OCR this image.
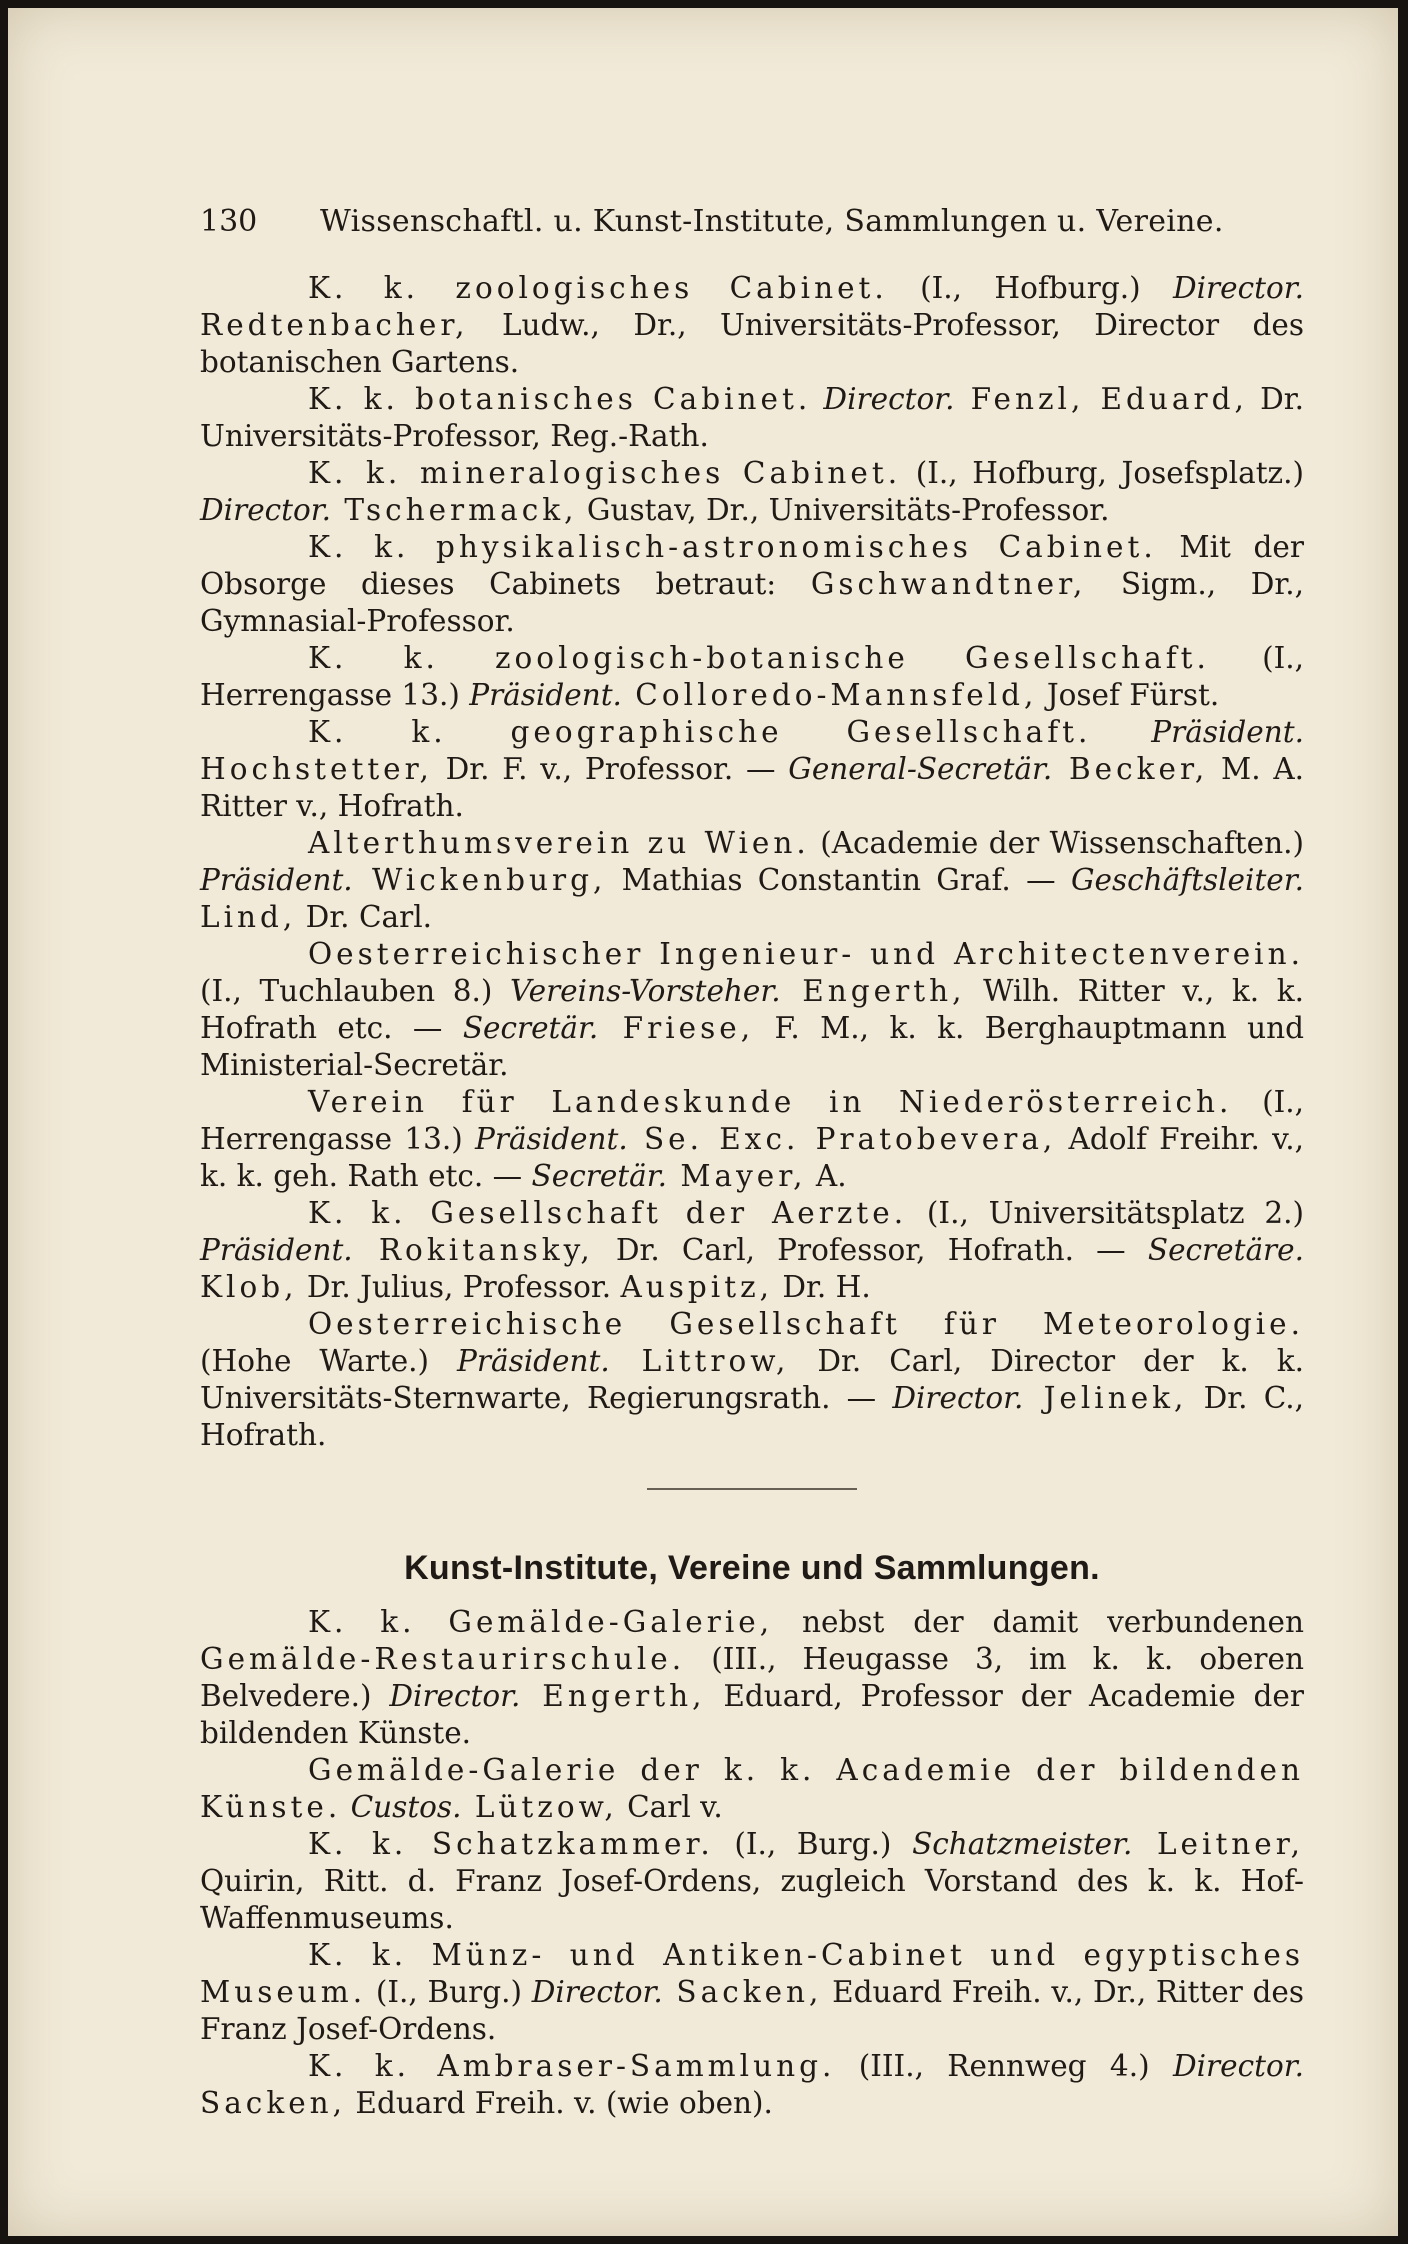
130	Wissenschaftl. u. Kunst-Institute, Sammlungen u. Vereine.

K. k. zoologisches Cabinet. (I., Hofburg.) Director. Redtenbacher, Ludw., Dr., Universitäts-Professor, Director des botanischen Gartens.

K. k. botanisches Cabinet. Director. Fenzl, Eduard, Dr. Universitäts-Professor, Reg.-Rath.

K. k. mineralogisches Cabinet. (I., Hofburg, Josefsplatz.) Director. Tschermack, Gustav, Dr., Universitäts-Professor.

K. k. physikalisch-astronomisches Cabinet. Mit der Obsorge dieses Cabinets betraut: Gschwandtner, Sigm., Dr., Gymnasial-Professor.

K. k. zoologisch-botanische Gesellschaft. (I., Herrengasse 13.) Präsident. Colloredo-Mannsfeld, Josef Fürst.

K. k. geographische Gesellschaft. Präsident. Hochstetter, Dr. F. v., Professor. — General-Secretär. Becker, M. A. Ritter v., Hofrath.

Alterthumsverein zu Wien. (Academie der Wissenschaften.) Präsident. Wickenburg, Mathias Constantin Graf. — Geschäftsleiter. Lind, Dr. Carl.

Oesterreichischer Ingenieur- und Architectenverein. (I., Tuchlauben 8.) Vereins-Vorsteher. Engerth, Wilh. Ritter v., k. k. Hofrath etc. — Secretär. Friese, F. M., k. k. Berghauptmann und Ministerial-Secretär.

Verein für Landeskunde in Niederösterreich. (I., Herrengasse 13.) Präsident. Se. Exc. Pratobevera, Adolf Freihr. v., k. k. geh. Rath etc. — Secretär. Mayer, A.

K. k. Gesellschaft der Aerzte. (I., Universitätsplatz 2.) Präsident. Rokitansky, Dr. Carl, Professor, Hofrath. — Secretäre. Klob, Dr. Julius, Professor. Auspitz, Dr. H.

Oesterreichische Gesellschaft für Meteorologie. (Hohe Warte.) Präsident. Littrow, Dr. Carl, Director der k. k. Universitäts-Sternwarte, Regierungsrath. — Director. Jelinek, Dr. C., Hofrath.

Kunst-Institute, Vereine und Sammlungen.

K. k. Gemälde-Galerie, nebst der damit verbundenen Gemälde-Restaurirschule. (III., Heugasse 3, im k. k. oberen Belvedere.) Director. Engerth, Eduard, Professor der Academie der bildenden Künste.

Gemälde-Galerie der k. k. Academie der bildenden Künste. Custos. Lützow, Carl v.

K. k. Schatzkammer. (I., Burg.) Schatzmeister. Leitner, Quirin, Ritt. d. Franz Josef-Ordens, zugleich Vorstand des k. k. Hof-Waffenmuseums.

K. k. Münz- und Antiken-Cabinet und egyptisches Museum. (I., Burg.) Director. Sacken, Eduard Freih. v., Dr., Ritter des Franz Josef-Ordens.

K. k. Ambraser-Sammlung. (III., Rennweg 4.) Director. Sacken, Eduard Freih. v. (wie oben).
